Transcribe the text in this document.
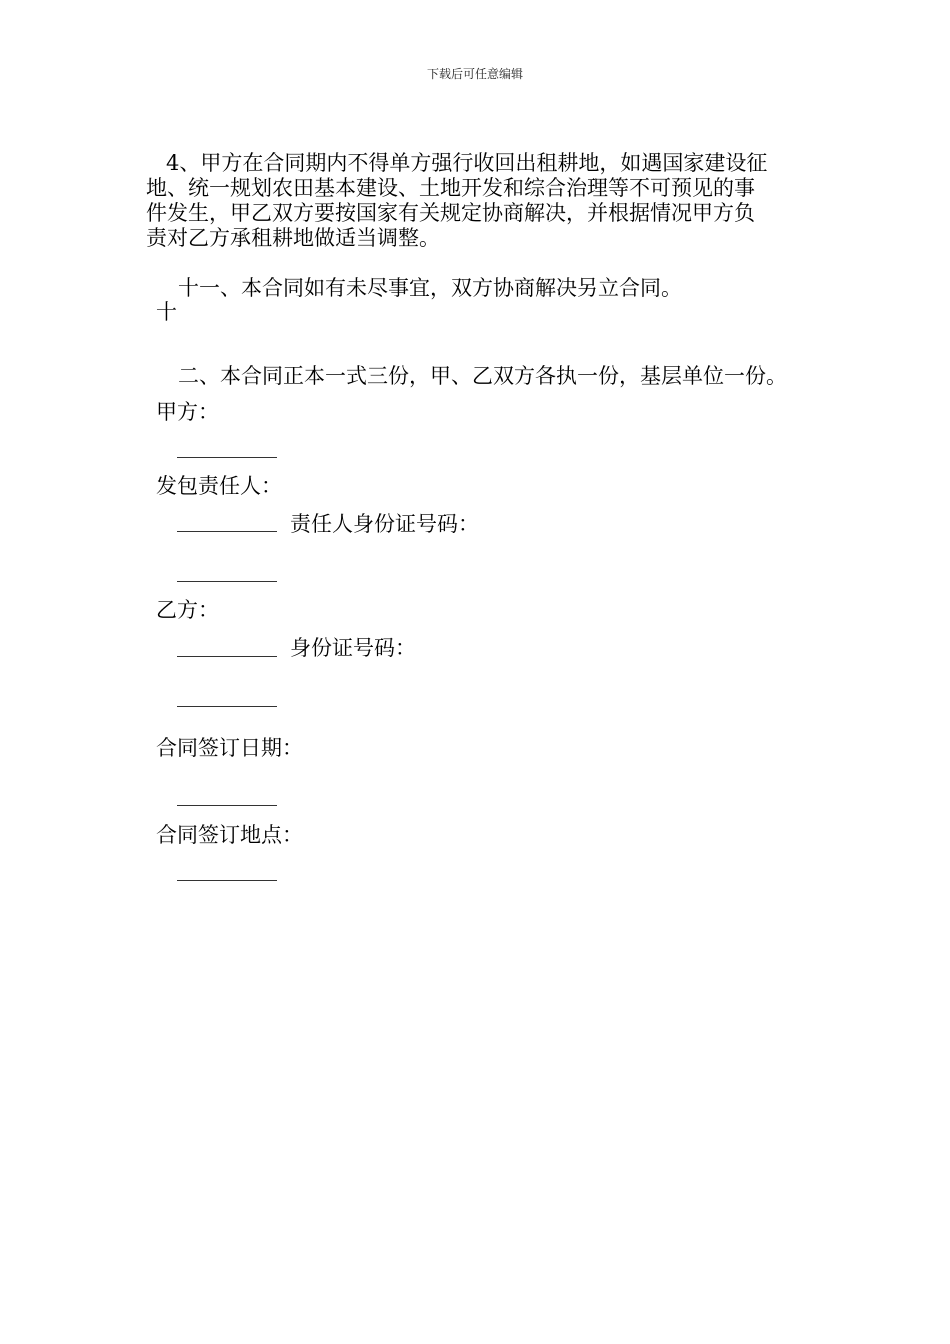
下载后可任意编辑
4、甲方在合同期内不得单方强行收回出租耕地，如遇国家建设征
地、统一规划农田基本建设、土地开发和综合治理等不可预见的事
件发生，甲乙双方要按国家有关规定协商解决，并根据情况甲方负
责对乙方承租耕地做适当调整。
十一、本合同如有未尽事宜，双方协商解决另立合同。
十
二、本合同正本一式三份，甲、乙双方各执一份，基层单位一份。
甲方：
发包责任人：
责任人身份证号码：
乙方：
身份证号码：
合同签订日期：
合同签订地点：
